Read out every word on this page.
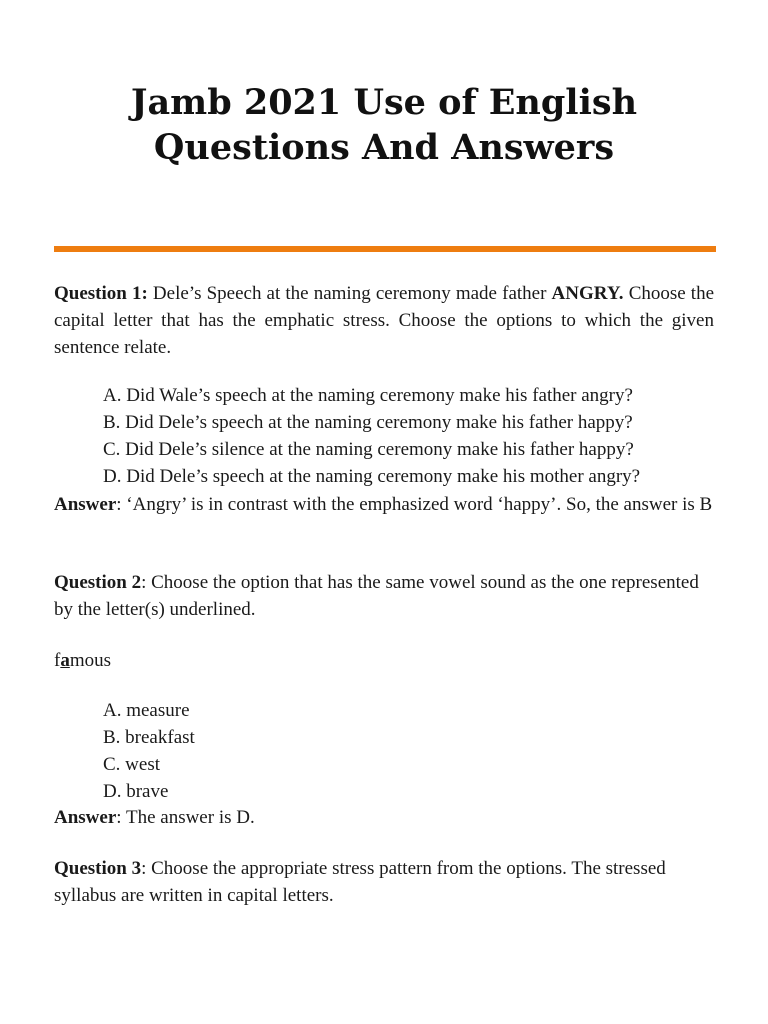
Jamb 2021 Use of English
Questions And Answers
Question 1: Dele’s Speech at the naming ceremony made father ANGRY. Choose the capital letter that has the emphatic stress. Choose the options to which the given sentence relate.
A. Did Wale’s speech at the naming ceremony make his father angry?
B. Did Dele’s speech at the naming ceremony make his father happy?
C. Did Dele’s silence at the naming ceremony make his father happy?
D. Did Dele’s speech at the naming ceremony make his mother angry?
Answer: ‘Angry’ is in contrast with the emphasized word ‘happy’. So, the answer is B
Question 2: Choose the option that has the same vowel sound as the one represented by the letter(s) underlined.
famous
A. measure
B. breakfast
C. west
D. brave
Answer: The answer is D.
Question 3: Choose the appropriate stress pattern from the options. The stressed syllabus are written in capital letters.
